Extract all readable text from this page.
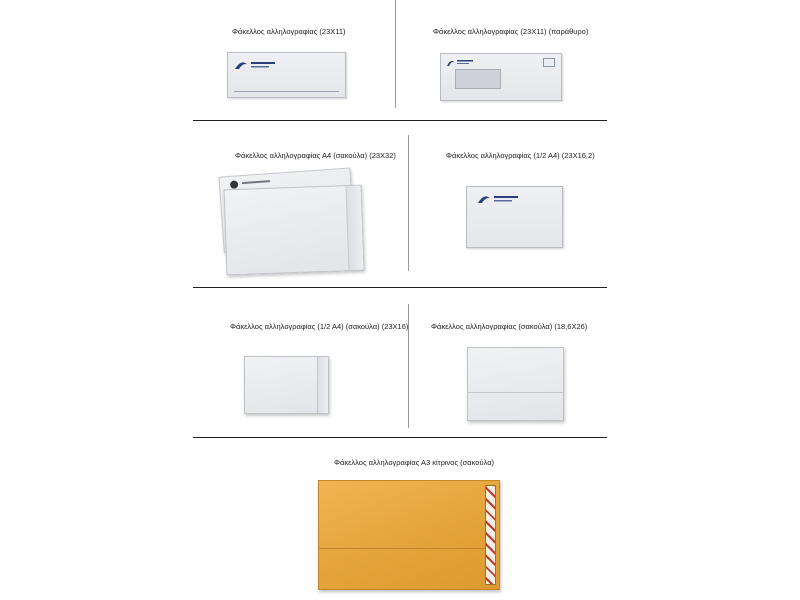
Φάκελλος αλληλογραφίας (23Χ11)	Φάκελλος αλληλογραφίας (23Χ11) (παράθυρο)
Φάκελλος αλληλογραφίας Α4 (σακούλα) (23Χ32)	Φάκελλος αλληλογραφίας (1/2 Α4) (23Χ16,2)
Φάκελλος αλληλογραφίας (1/2 Α4) (σακούλα) (23Χ16)	Φάκελλος αλληλογραφίας (σακούλα) (18,6Χ26)
Φάκελλος αλληλογραφίας Α3 κίτρινος (σακούλα)
